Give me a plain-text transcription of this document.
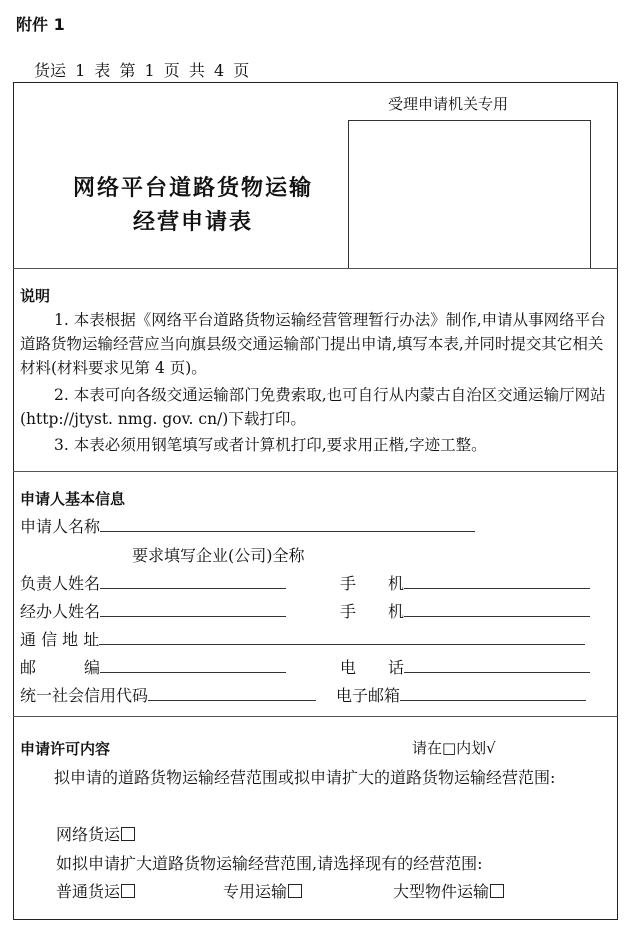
附件 1
货运 1 表 第 1 页 共 4 页
受理申请机关专用
网络平台道路货物运输
经营申请表
说明
1. 本表根据《网络平台道路货物运输经营管理暂行办法》制作,申请从事网络平台道路货物运输经营应当向旗县级交通运输部门提出申请,填写本表,并同时提交其它相关材料(材料要求见第 4 页)。
2. 本表可向各级交通运输部门免费索取,也可自行从内蒙古自治区交通运输厅网站(http://jtyst. nmg. gov. cn/)下载打印。
3. 本表必须用钢笔填写或者计算机打印,要求用正楷,字迹工整。
申请人基本信息
申请人名称
要求填写企业(公司)全称
负责人姓名	手　　机
经办人姓名	手　　机
通 信 地 址
邮　　　编	电　　话
统一社会信用代码	电子邮箱
申请许可内容	请在□内划√
拟申请的道路货物运输经营范围或拟申请扩大的道路货物运输经营范围:
网络货运
如拟申请扩大道路货物运输经营范围,请选择现有的经营范围:
普通货运	专用运输	大型物件运输
